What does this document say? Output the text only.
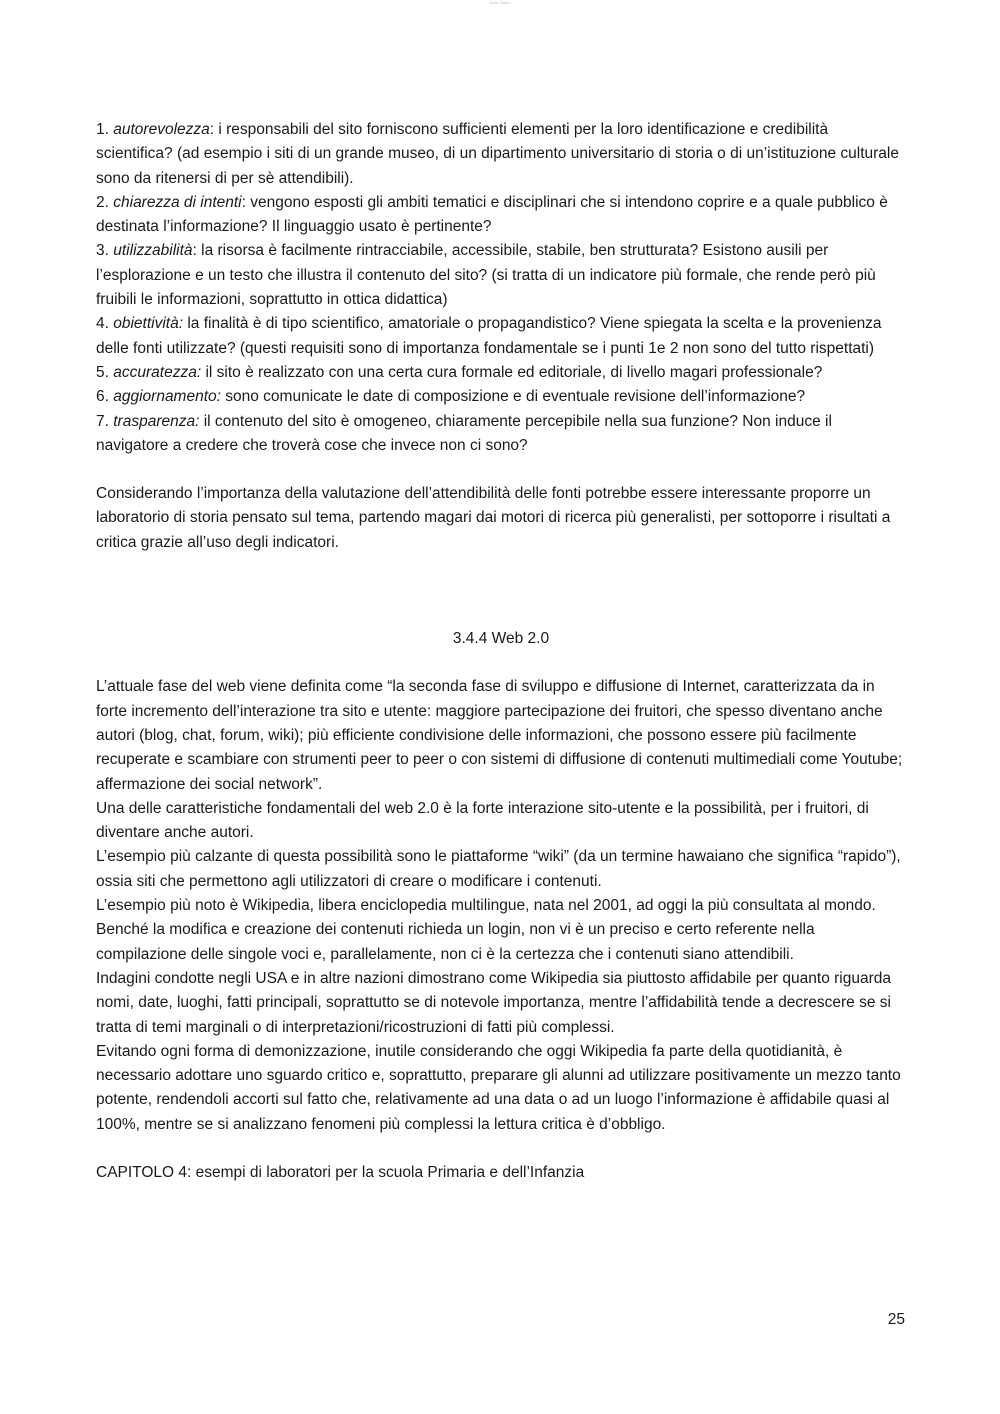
Note Stable

1. autorevolezza: i responsabili del sito forniscono sufficienti elementi per la loro identificazione e credibilità scientifica? (ad esempio i siti di un grande museo, di un dipartimento universitario di storia o di un’istituzione culturale sono da ritenersi di per sè attendibili).

2. chiarezza di intenti: vengono esposti gli ambiti tematici e disciplinari che si intendono coprire e a quale pubblico è destinata l’informazione? Il linguaggio usato è pertinente?

3. utilizzabilità: la risorsa è facilmente rintracciabile, accessibile, stabile, ben strutturata? Esistono ausili per l’esplorazione e un testo che illustra il contenuto del sito? (si tratta di un indicatore più formale, che rende però più fruibili le informazioni, soprattutto in ottica didattica)

4. obiettività: la finalità è di tipo scientifico, amatoriale o propagandistico? Viene spiegata la scelta e la provenienza delle fonti utilizzate? (questi requisiti sono di importanza fondamentale se i punti 1e 2 non sono del tutto rispettati)

5. accuratezza: il sito è realizzato con una certa cura formale ed editoriale, di livello magari professionale?

6. aggiornamento: sono comunicate le date di composizione e di eventuale revisione dell’informazione?

7. trasparenza: il contenuto del sito è omogeneo, chiaramente percepibile nella sua funzione? Non induce il navigatore a credere che troverà cose che invece non ci sono?

Considerando l’importanza della valutazione dell’attendibilità delle fonti potrebbe essere interessante proporre un laboratorio di storia pensato sul tema, partendo magari dai motori di ricerca più generalisti, per sottoporre i risultati a critica grazie all’uso degli indicatori.

3.4.4 Web 2.0

L’attuale fase del web viene definita come “la seconda fase di sviluppo e diffusione di Internet, caratterizzata da in forte incremento dell’interazione tra sito e utente: maggiore partecipazione dei fruitori, che spesso diventano anche autori (blog, chat, forum, wiki); più efficiente condivisione delle informazioni, che possono essere più facilmente recuperate e scambiare con strumenti peer to peer o con sistemi di diffusione di contenuti multimediali come Youtube; affermazione dei social network”.

Una delle caratteristiche fondamentali del web 2.0 è la forte interazione sito-utente e la possibilità, per i fruitori, di diventare anche autori.

L’esempio più calzante di questa possibilità sono le piattaforme “wiki” (da un termine hawaiano che significa “rapido”), ossia siti che permettono agli utilizzatori di creare o modificare i contenuti.

L’esempio più noto è Wikipedia, libera enciclopedia multilingue, nata nel 2001, ad oggi la più consultata al mondo.

Benché la modifica e creazione dei contenuti richieda un login, non vi è un preciso e certo referente nella compilazione delle singole voci e, parallelamente, non ci è la certezza che i contenuti siano attendibili.

Indagini condotte negli USA e in altre nazioni dimostrano come Wikipedia sia piuttosto affidabile per quanto riguarda nomi, date, luoghi, fatti principali, soprattutto se di notevole importanza, mentre l’affidabilità tende a decrescere se si tratta di temi marginali o di interpretazioni/ricostruzioni di fatti più complessi.

Evitando ogni forma di demonizzazione, inutile considerando che oggi Wikipedia fa parte della quotidianità, è necessario adottare uno sguardo critico e, soprattutto, preparare gli alunni ad utilizzare positivamente un mezzo tanto potente, rendendoli accorti sul fatto che, relativamente ad una data o ad un luogo l’informazione è affidabile quasi al 100%, mentre se si analizzano fenomeni più complessi la lettura critica è d’obbligo.

CAPITOLO 4: esempi di laboratori per la scuola Primaria e dell’Infanzia

25
